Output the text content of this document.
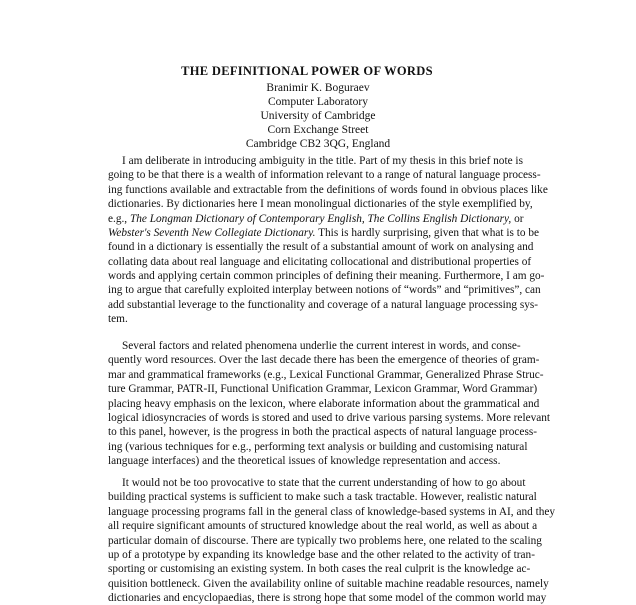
THE DEFINITIONAL POWER OF WORDS
Branimir K. Boguraev
Computer Laboratory
University of Cambridge
Corn Exchange Street
Cambridge CB2 3QG, England
I am deliberate in introducing ambiguity in the title. Part of my thesis in this brief note is
going to be that there is a wealth of information relevant to a range of natural language process-
ing functions available and extractable from the definitions of words found in obvious places like
dictionaries. By dictionaries here I mean monolingual dictionaries of the style exemplified by,
e.g., The Longman Dictionary of Contemporary English, The Collins English Dictionary, or
Webster's Seventh New Collegiate Dictionary. This is hardly surprising, given that what is to be
found in a dictionary is essentially the result of a substantial amount of work on analysing and
collating data about real language and elicitating collocational and distributional properties of
words and applying certain common principles of defining their meaning. Furthermore, I am go-
ing to argue that carefully exploited interplay between notions of “words” and “primitives”, can
add substantial leverage to the functionality and coverage of a natural language processing sys-
tem.
Several factors and related phenomena underlie the current interest in words, and conse-
quently word resources. Over the last decade there has been the emergence of theories of gram-
mar and grammatical frameworks (e.g., Lexical Functional Grammar, Generalized Phrase Struc-
ture Grammar, PATR-II, Functional Unification Grammar, Lexicon Grammar, Word Grammar)
placing heavy emphasis on the lexicon, where elaborate information about the grammatical and
logical idiosyncracies of words is stored and used to drive various parsing systems. More relevant
to this panel, however, is the progress in both the practical aspects of natural language process-
ing (various techniques for e.g., performing text analysis or building and customising natural
language interfaces) and the theoretical issues of knowledge representation and access.
It would not be too provocative to state that the current understanding of how to go about
building practical systems is sufficient to make such a task tractable. However, realistic natural
language processing programs fall in the general class of knowledge-based systems in AI, and they
all require significant amounts of structured knowledge about the real world, as well as about a
particular domain of discourse. There are typically two problems here, one related to the scaling
up of a prototype by expanding its knowledge base and the other related to the activity of tran-
sporting or customising an existing system. In both cases the real culprit is the knowledge ac-
quisition bottleneck. Given the availability online of suitable machine readable resources, namely
dictionaries and encyclopaedias, there is strong hope that some model of the common world may
